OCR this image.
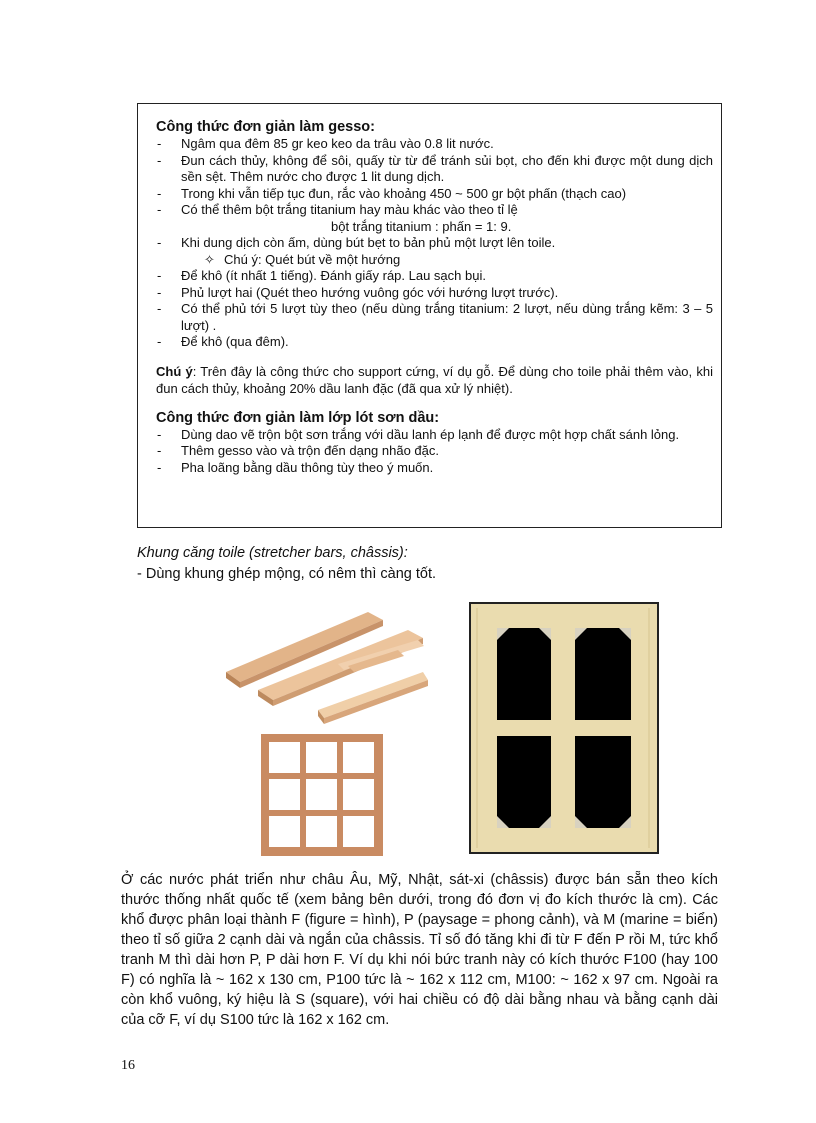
Công thức đơn giản làm gesso:
- Ngâm qua đêm 85 gr keo keo da trâu vào 0.8 lit nước.
- Đun cách thủy, không để sôi, quấy từ từ để tránh sủi bọt, cho đến khi được một dung dịch sền sệt. Thêm nước cho được 1 lit dung dịch.
- Trong khi vẫn tiếp tục đun, rắc vào khoảng 450 ~ 500 gr bột phấn (thạch cao)
- Có thể thêm bột trắng titanium hay màu khác vào theo tỉ lệ
bột trắng titanium : phấn = 1: 9.
- Khi dung dịch còn ấm, dùng bút bẹt to bản phủ một lượt lên toile.
✧ Chú ý: Quét bút về một hướng
- Để khô (ít nhất 1 tiếng). Đánh giấy ráp. Lau sạch bụi.
- Phủ lượt hai (Quét theo hướng vuông góc với hướng lượt trước).
- Có thể phủ tới 5 lượt tùy theo (nếu dùng trắng titanium: 2 lượt, nếu dùng trắng kẽm: 3 – 5 lượt) .
- Để khô (qua đêm).

Chú ý: Trên đây là công thức cho support cứng, ví dụ gỗ. Để dùng cho toile phải thêm vào, khi đun cách thủy, khoảng 20% dầu lanh đặc (đã qua xử lý nhiệt).

Công thức đơn giản làm lớp lót sơn dầu:
- Dùng dao vẽ trộn bột sơn trắng với dầu lanh ép lạnh để được một hợp chất sánh lỏng.
- Thêm gesso vào và trộn đến dạng nhão đặc.
- Pha loãng bằng dầu thông tùy theo ý muốn.
Khung căng toile (stretcher bars, châssis):
- Dùng khung ghép mộng, có nêm thì càng tốt.

Ở các nước phát triển như châu Âu, Mỹ, Nhật, sát-xi (châssis) được bán sẵn theo kích thước thống nhất quốc tế (xem bảng bên dưới, trong đó đơn vị đo kích thước là cm). Các khổ được phân loại thành F (figure = hình), P (paysage = phong cảnh), và M (marine = biển) theo tỉ số giữa 2 cạnh dài và ngắn của châssis. Tỉ số đó tăng khi đi từ F đến P rồi M, tức khổ tranh M thì dài hơn P, P dài hơn F. Ví dụ khi nói bức tranh này có kích thước F100 (hay 100 F) có nghĩa là ~ 162 x 130 cm, P100 tức là ~ 162 x 112 cm, M100: ~ 162 x 97 cm. Ngoài ra còn khổ vuông, ký hiệu là S (square), với hai chiều có độ dài bằng nhau và bằng cạnh dài của cỡ F, ví dụ S100 tức là 162 x 162 cm.

16
